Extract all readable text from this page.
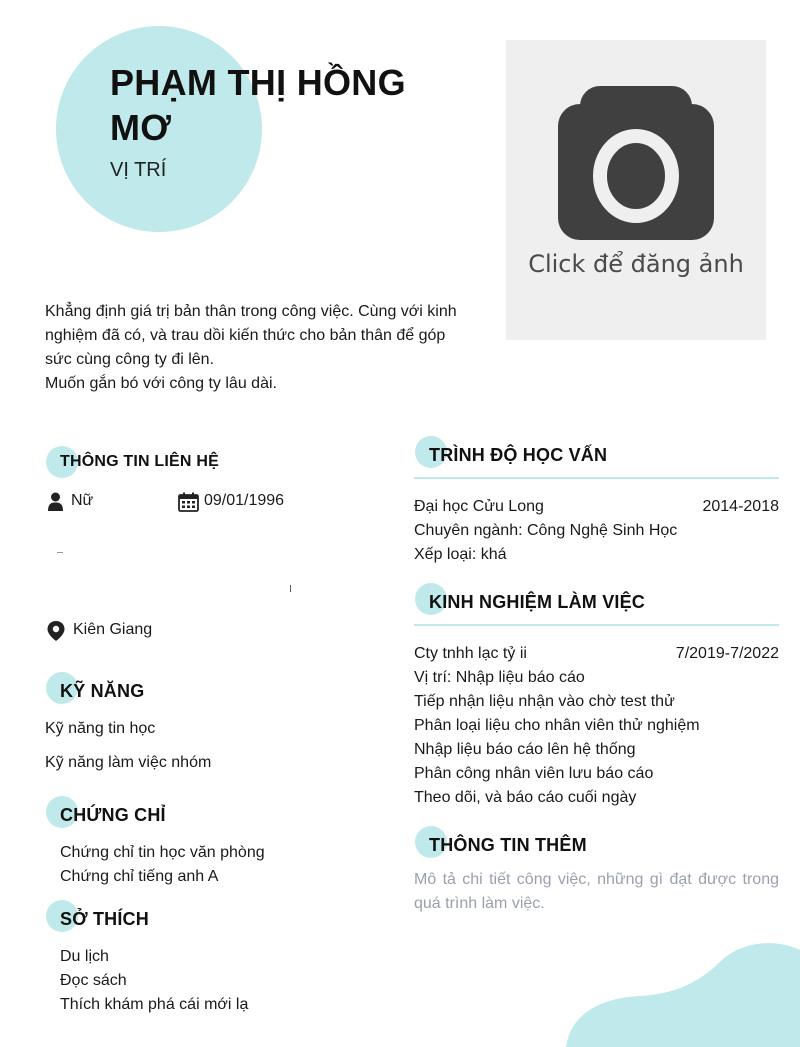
PHẠM THỊ HỒNG MƠ
VỊ TRÍ
Click để đăng ảnh

Khẳng định giá trị bản thân trong công việc. Cùng với kinh nghiệm đã có, và trau dồi kiến thức cho bản thân để góp sức cùng công ty đi lên.

Muốn gắn bó với công ty lâu dài.

THÔNG TIN LIÊN HỆ
Nữ	09/01/1996
Kiên Giang
KỸ NĂNG
Kỹ năng tin học
Kỹ năng làm việc nhóm
CHỨNG CHỈ
Chứng chỉ tin học văn phòng
Chứng chỉ tiếng anh A
SỞ THÍCH
Du lịch
Đọc sách
Thích khám phá cái mới lạ
TRÌNH ĐỘ HỌC VẤN
Đại học Cửu Long	2014-2018
Chuyên ngành: Công Nghệ Sinh Học
Xếp loại: khá
KINH NGHIỆM LÀM VIỆC
Cty tnhh lạc tỷ ii	7/2019-7/2022
Vị trí: Nhập liệu báo cáo
Tiếp nhận liệu nhận vào chờ test thử
Phân loại liệu cho nhân viên thử nghiệm
Nhập liệu báo cáo lên hệ thống
Phân công nhân viên lưu báo cáo
Theo dõi, và báo cáo cuối ngày
THÔNG TIN THÊM
Mô tả chi tiết công việc, những gì đạt được trong quá trình làm việc.
